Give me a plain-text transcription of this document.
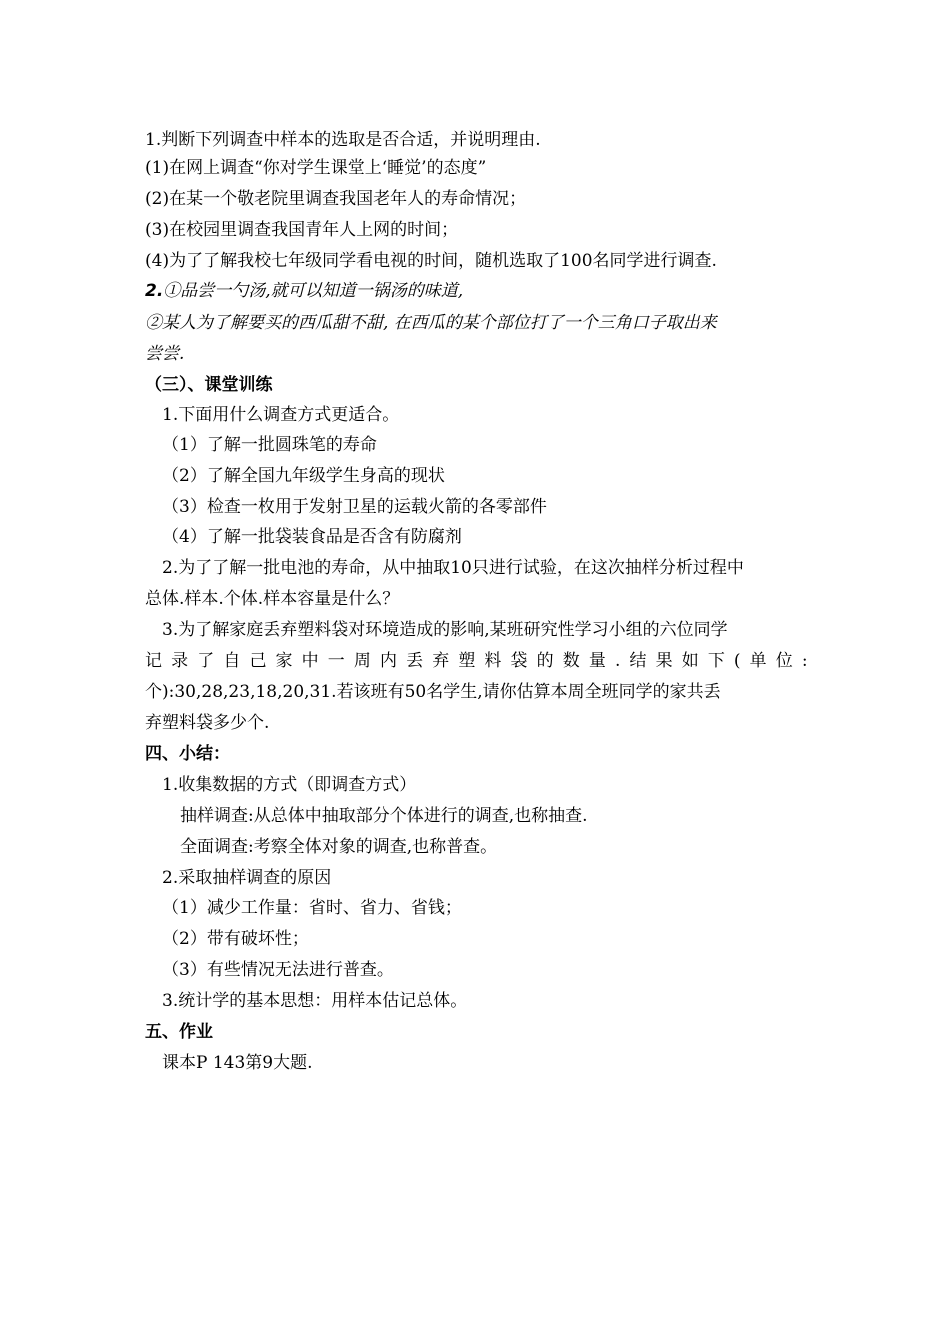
1.判断下列调查中样本的选取是否合适，并说明理由.
(1)在网上调查“你对学生课堂上‘睡觉’的态度”
(2)在某一个敬老院里调查我国老年人的寿命情况；
(3)在校园里调查我国青年人上网的时间；
(4)为了了解我校七年级同学看电视的时间，随机选取了100名同学进行调查.
2.①品尝一勺汤,就可以知道一锅汤的味道,
②某人为了解要买的西瓜甜不甜, 在西瓜的某个部位打了一个三角口子取出来
尝尝.
（三）、课堂训练
1.下面用什么调查方式更适合。
（1）了解一批圆珠笔的寿命
（2）了解全国九年级学生身高的现状
（3）检查一枚用于发射卫星的运载火箭的各零部件
（4）了解一批袋装食品是否含有防腐剂
2.为了了解一批电池的寿命，从中抽取10只进行试验，在这次抽样分析过程中
总体.样本.个体.样本容量是什么？
3.为了解家庭丢弃塑料袋对环境造成的影响,某班研究性学习小组的六位同学
记 录 了 自 己 家 中 一 周 内 丢 弃 塑 料 袋 的 数 量 . 结 果 如 下 ( 单 位 :
个):30,28,23,18,20,31.若该班有50名学生,请你估算本周全班同学的家共丢
弃塑料袋多少个.
四、小结：
1.收集数据的方式（即调查方式）
抽样调查:从总体中抽取部分个体进行的调查,也称抽查.
全面调查:考察全体对象的调查,也称普查。
2.采取抽样调查的原因
（1）减少工作量：省时、省力、省钱；
（2）带有破坏性；
（3）有些情况无法进行普查。
3.统计学的基本思想：用样本估记总体。
五、作业
课本P 143第9大题.
